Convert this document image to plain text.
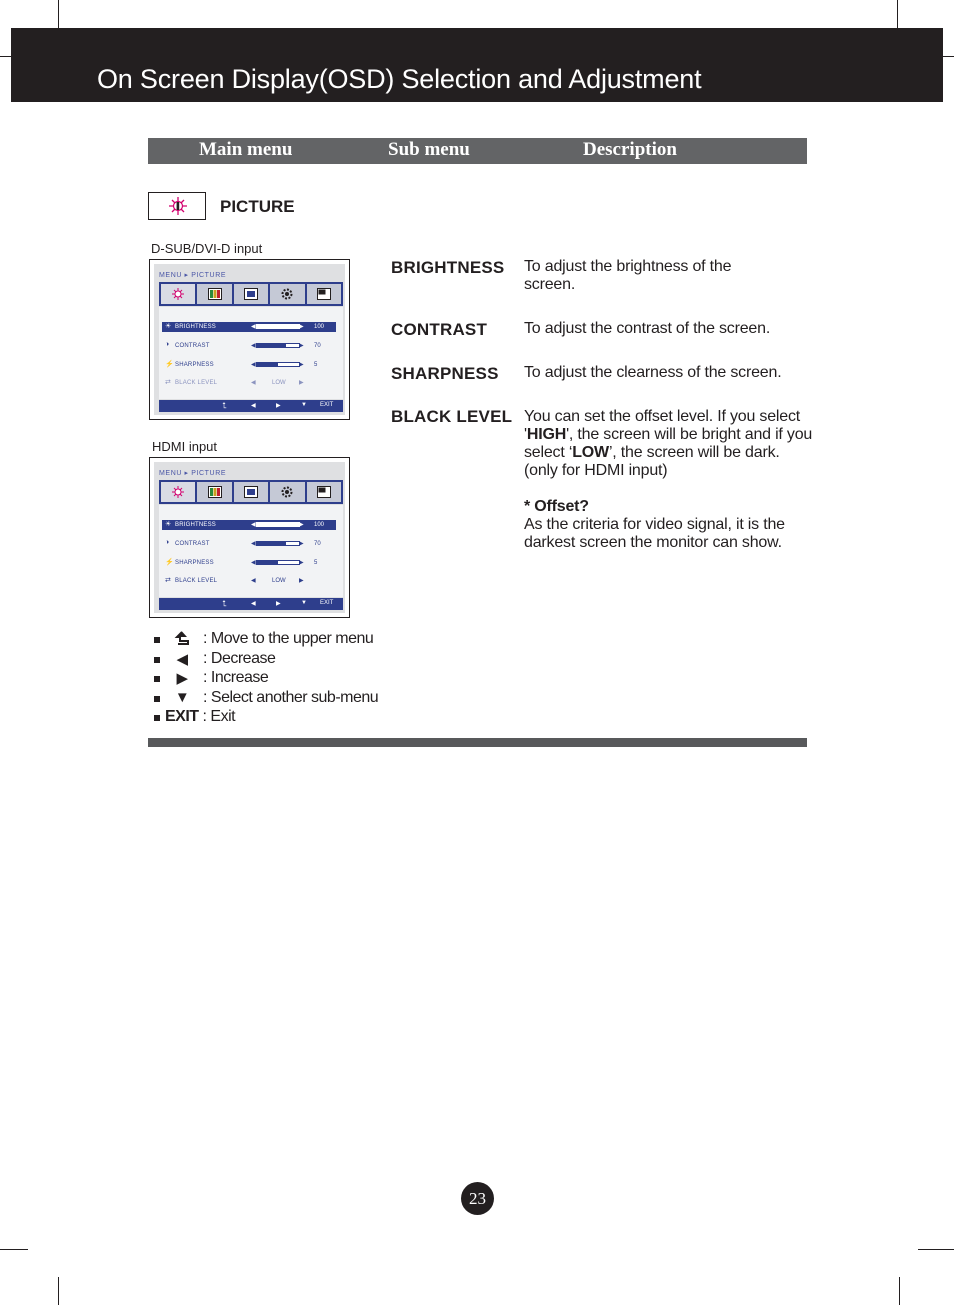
On Screen Display(OSD) Selection and Adjustment
Main menu	Sub menu	Description
PICTURE
D-SUB/DVI-D input
HDMI input
MENU ▸ PICTURE
☀ BRIGHTNESS	◀	▶ 100
◑ CONTRAST	◀	▶ 70
⚡ SHARPNESS	◀	▶ 5
⇄ BLACK LEVEL	◀	LOW ▶
⮤	◀	▶	▼ EXIT
MENU ▸ PICTURE
☀ BRIGHTNESS	◀	▶ 100
◑ CONTRAST	◀	▶ 70
⚡ SHARPNESS	◀	▶ 5
⇄ BLACK LEVEL	◀	LOW ▶
⮤	◀	▶	▼ EXIT
BRIGHTNESS To adjust the brightness of the screen.
CONTRAST To adjust the contrast of the screen.
SHARPNESS To adjust the clearness of the screen.
BLACK LEVEL You can set the offset level. If you select 'HIGH', the screen will be bright and if you select ‘LOW’, the screen will be dark. (only for HDMI input)
* Offset?
As the criteria for video signal, it is the darkest screen the monitor can show.
: Move to the upper menu
◀ : Decrease
▶ : Increase
▼ : Select another sub-menu
EXIT : Exit
23
